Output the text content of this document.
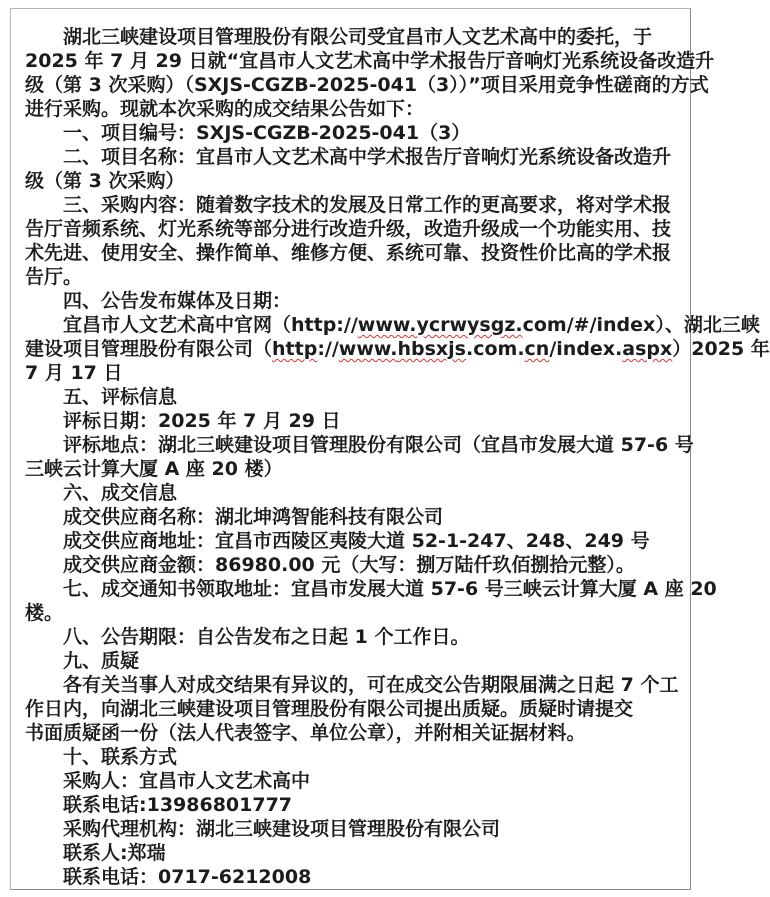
湖北三峡建设项目管理股份有限公司受宜昌市人文艺术高中的委托，于
2025 年 7 月 29 日就“宜昌市人文艺术高中学术报告厅音响灯光系统设备改造升
级（第 3 次采购）（SXJS-CGZB-2025-041（3））”项目采用竞争性磋商的方式
进行采购。现就本次采购的成交结果公告如下：
一、项目编号：SXJS-CGZB-2025-041（3）
二、项目名称：宜昌市人文艺术高中学术报告厅音响灯光系统设备改造升
级（第 3 次采购）
三、采购内容：随着数字技术的发展及日常工作的更高要求，将对学术报
告厅音频系统、灯光系统等部分进行改造升级，改造升级成一个功能实用、技
术先进、使用安全、操作简单、维修方便、系统可靠、投资性价比高的学术报
告厅。
四、公告发布媒体及日期：
宜昌市人文艺术高中官网（http://www.ycrwysgz.com/#/index）、湖北三峡
建设项目管理股份有限公司（http://www.hbsxjs.com.cn/index.aspx）2025 年
7 月 17 日
五、评标信息
评标日期：2025 年 7 月 29 日
评标地点：湖北三峡建设项目管理股份有限公司（宜昌市发展大道 57-6 号
三峡云计算大厦 A 座 20 楼）
六、成交信息
成交供应商名称：湖北坤鸿智能科技有限公司
成交供应商地址：宜昌市西陵区夷陵大道 52-1-247、248、249 号
成交供应商金额：86980.00 元（大写：捌万陆仟玖佰捌拾元整）。
七、成交通知书领取地址：宜昌市发展大道 57-6 号三峡云计算大厦 A 座 20
楼。
八、公告期限：自公告发布之日起 1 个工作日。
九、质疑
各有关当事人对成交结果有异议的，可在成交公告期限届满之日起 7 个工
作日内，向湖北三峡建设项目管理股份有限公司提出质疑。质疑时请提交
书面质疑函一份（法人代表签字、单位公章），并附相关证据材料。
十、联系方式
采购人：宜昌市人文艺术高中
联系电话:13986801777
采购代理机构：湖北三峡建设项目管理股份有限公司
联系人:郑瑞
联系电话：0717-6212008
